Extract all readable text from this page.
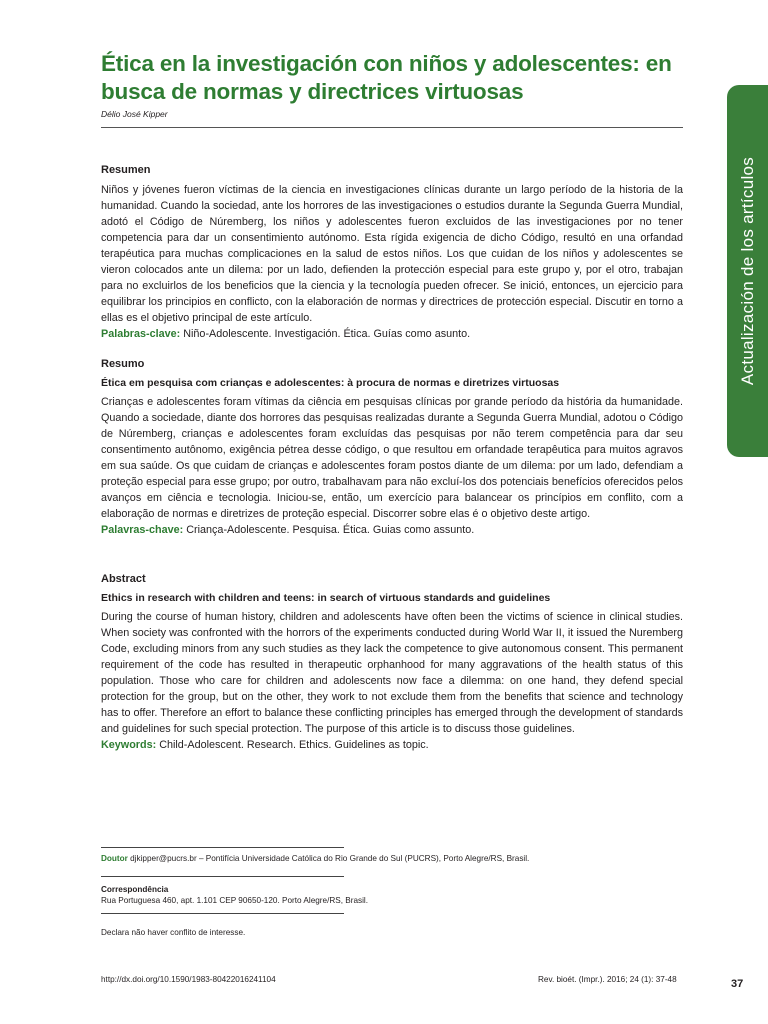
Ética en la investigación con niños y adolescentes: en busca de normas y directrices virtuosas
Délio José Kipper

Resumen

Niños y jóvenes fueron víctimas de la ciencia en investigaciones clínicas durante un largo período de la historia de la humanidad. Cuando la sociedad, ante los horrores de las investigaciones o estudios durante la Segunda Guerra Mundial, adotó el Código de Núremberg, los niños y adolescentes fueron excluidos de las investigaciones por no tener competencia para dar un consentimiento autónomo. Esta rígida exigencia de dicho Código, resultó en una orfandad terapéutica para muchas complicaciones en la salud de estos niños. Los que cuidan de los niños y adolescentes se vieron colocados ante un dilema: por un lado, defienden la protección especial para este grupo y, por el otro, trabajan para no excluirlos de los beneficios que la ciencia y la tecnología pueden ofrecer. Se inició, entonces, un ejercicio para equilibrar los principios en conflicto, con la elaboración de normas y directrices de protección especial. Discutir en torno a ellas es el objetivo principal de este artículo.

Palabras-clave: Niño-Adolescente. Investigación. Ética. Guías como asunto.

Resumo

Ética em pesquisa com crianças e adolescentes: à procura de normas e diretrizes virtuosas

Crianças e adolescentes foram vítimas da ciência em pesquisas clínicas por grande período da história da humanidade. Quando a sociedade, diante dos horrores das pesquisas realizadas durante a Segunda Guerra Mundial, adotou o Código de Núremberg, crianças e adolescentes foram excluídas das pesquisas por não terem competência para dar seu consentimento autônomo, exigência pétrea desse código, o que resultou em orfandade terapêutica para muitos agravos em sua saúde. Os que cuidam de crianças e adolescentes foram postos diante de um dilema: por um lado, defendiam a proteção especial para esse grupo; por outro, trabalhavam para não excluí-los dos potenciais benefícios oferecidos pelos avanços em ciência e tecnologia. Iniciou-se, então, um exercício para balancear os princípios em conflito, com a elaboração de normas e diretrizes de proteção especial. Discorrer sobre elas é o objetivo deste artigo.

Palavras-chave: Criança-Adolescente. Pesquisa. Ética. Guias como assunto.

Abstract

Ethics in research with children and teens: in search of virtuous standards and guidelines

During the course of human history, children and adolescents have often been the victims of science in clinical studies. When society was confronted with the horrors of the experiments conducted during World War II, it issued the Nuremberg Code, excluding minors from any such studies as they lack the competence to give autonomous consent. This permanent requirement of the code has resulted in therapeutic orphanhood for many aggravations of the health status of this population. Those who care for children and adolescents now face a dilemma: on one hand, they defend special protection for the group, but on the other, they work to not exclude them from the benefits that science and technology has to offer. Therefore an effort to balance these conflicting principles has emerged through the development of standards and guidelines for such special protection. The purpose of this article is to discuss those guidelines.

Keywords: Child-Adolescent. Research. Ethics. Guidelines as topic.

Actualización de los artículos
Doutor djkipper@pucrs.br – Pontifícia Universidade Católica do Rio Grande do Sul (PUCRS), Porto Alegre/RS, Brasil.
Correspondência
Rua Portuguesa 460, apt. 1.101 CEP 90650-120. Porto Alegre/RS, Brasil.
Declara não haver conflito de interesse.
http://dx.doi.org/10.1590/1983-80422016241104	Rev. bioét. (Impr.). 2016; 24 (1): 37-48	37
